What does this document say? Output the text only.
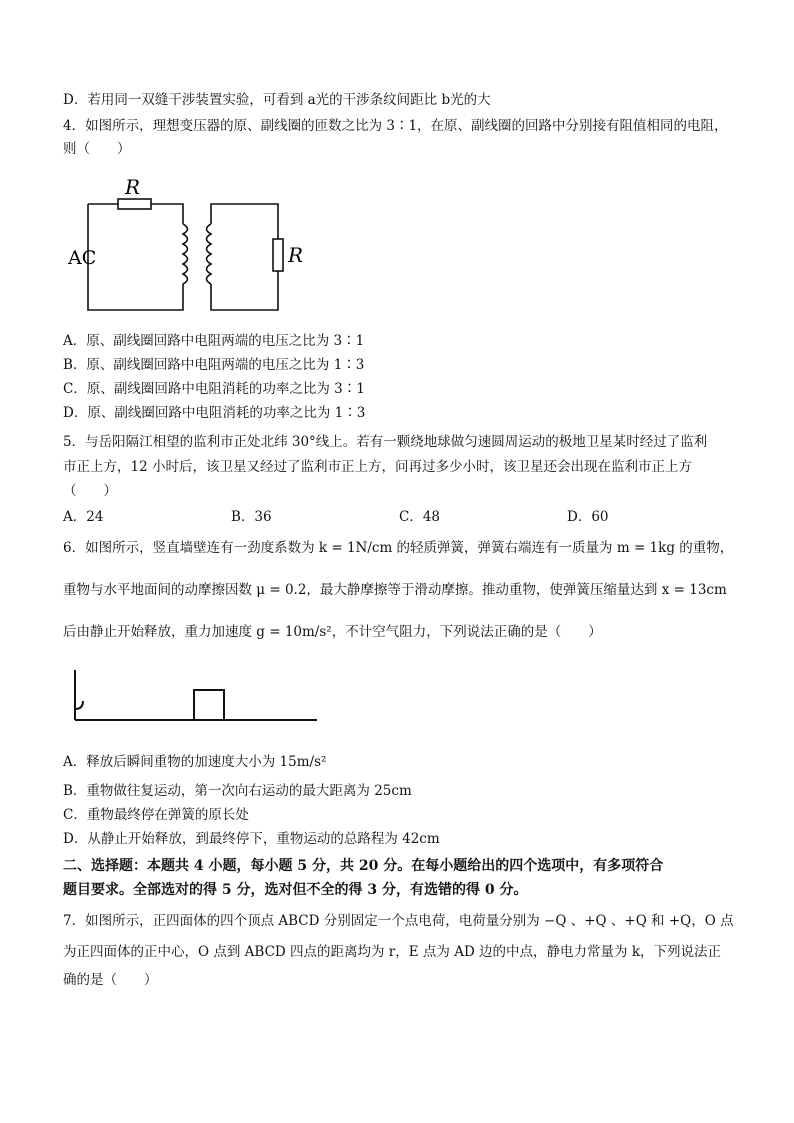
D．若用同一双缝干涉装置实验，可看到 a光的干涉条纹间距比 b光的大
4．如图所示，理想变压器的原、副线圈的匝数之比为 3∶1，在原、副线圈的回路中分别接有阻值相同的电阻，
则（　　）
R
AC	R
A．原、副线圈回路中电阻两端的电压之比为 3∶1
B．原、副线圈回路中电阻两端的电压之比为 1∶3
C．原、副线圈回路中电阻消耗的功率之比为 3∶1
D．原、副线圈回路中电阻消耗的功率之比为 1∶3
5．与岳阳隔江相望的监利市正处北纬 30°线上。若有一颗绕地球做匀速圆周运动的极地卫星某时经过了监利
市正上方，12 小时后，该卫星又经过了监利市正上方，问再过多少小时，该卫星还会出现在监利市正上方
（　　）
A．24	B．36	C．48	D．60
6．如图所示，竖直墙壁连有一劲度系数为 k = 1N/cm 的轻质弹簧，弹簧右端连有一质量为 m = 1kg 的重物，
重物与水平地面间的动摩擦因数 μ = 0.2，最大静摩擦等于滑动摩擦。推动重物，使弹簧压缩量达到 x = 13cm
后由静止开始释放，重力加速度 g = 10m/s²，不计空气阻力，下列说法正确的是（　　）
A．释放后瞬间重物的加速度大小为 15m/s²
B．重物做往复运动，第一次向右运动的最大距离为 25cm
C．重物最终停在弹簧的原长处
D．从静止开始释放，到最终停下，重物运动的总路程为 42cm
二、选择题：本题共 4 小题，每小题 5 分，共 20 分。在每小题给出的四个选项中，有多项符合
题目要求。全部选对的得 5 分，选对但不全的得 3 分，有选错的得 0 分。
7．如图所示，正四面体的四个顶点 ABCD 分别固定一个点电荷，电荷量分别为 −Q 、+Q 、+Q 和 +Q，O 点
为正四面体的正中心，O 点到 ABCD 四点的距离均为 r，E 点为 AD 边的中点，静电力常量为 k，下列说法正
确的是（　　）
